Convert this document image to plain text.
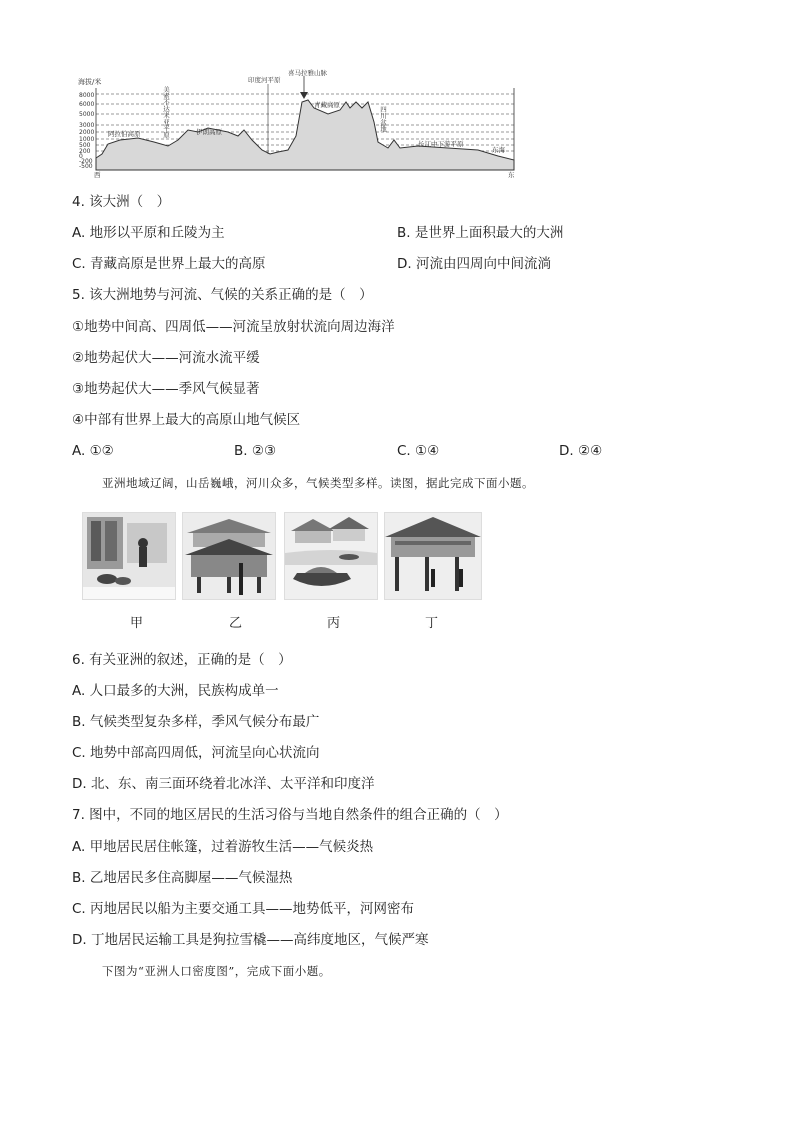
海拔/米
8000
6000
5000
3000
2000
1000
500
200
0
-200
-500
喜马拉雅山脉
印度河平原
青藏高原
阿拉伯高原	伊朗高原
美索不达米亚平原	四川盆地
长江中下游平原
东海
西	东
4. 该大洲（　）
A. 地形以平原和丘陵为主	B. 是世界上面积最大的大洲
C. 青藏高原是世界上最大的高原	D. 河流由四周向中间流淌
5. 该大洲地势与河流、气候的关系正确的是（　）
①地势中间高、四周低——河流呈放射状流向周边海洋
②地势起伏大——河流水流平缓
③地势起伏大——季风气候显著
④中部有世界上最大的高原山地气候区
A. ①②	B. ②③	C. ①④	D. ②④
亚洲地域辽阔，山岳巍峨，河川众多，气候类型多样。读图，据此完成下面小题。
甲	乙	丙	丁
6. 有关亚洲的叙述，正确的是（　）
A. 人口最多的大洲，民族构成单一
B. 气候类型复杂多样，季风气候分布最广
C. 地势中部高四周低，河流呈向心状流向
D. 北、东、南三面环绕着北冰洋、太平洋和印度洋
7. 图中，不同的地区居民的生活习俗与当地自然条件的组合正确的（　）
A. 甲地居民居住帐篷，过着游牧生活——气候炎热
B. 乙地居民多住高脚屋——气候湿热
C. 丙地居民以船为主要交通工具——地势低平，河网密布
D. 丁地居民运输工具是狗拉雪橇——高纬度地区，气候严寒
下图为“亚洲人口密度图”，完成下面小题。
